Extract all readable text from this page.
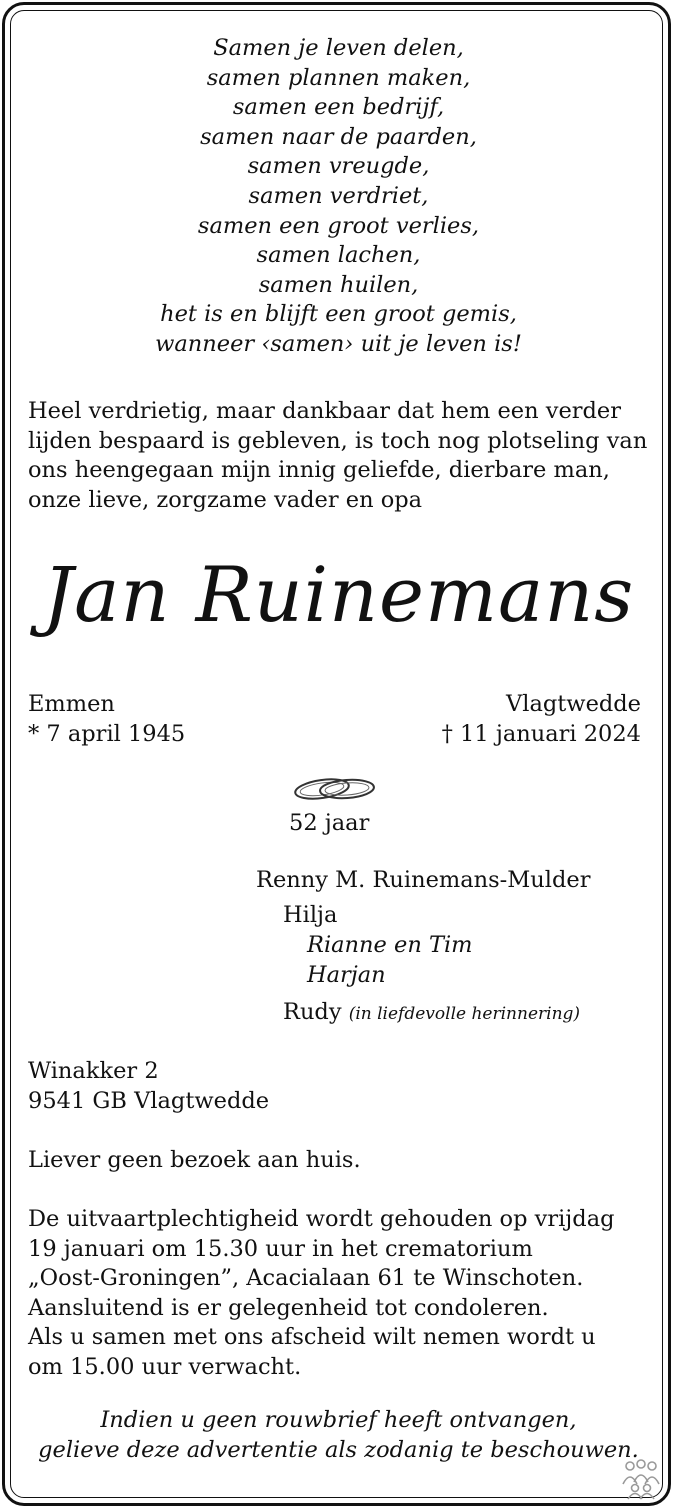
Samen je leven delen,
samen plannen maken,
samen een bedrijf,
samen naar de paarden,
samen vreugde,
samen verdriet,
samen een groot verlies,
samen lachen,
samen huilen,
het is en blijft een groot gemis,
wanneer ‹samen› uit je leven is!
Heel verdrietig, maar dankbaar dat hem een verder
lijden bespaard is gebleven, is toch nog plotseling van
ons heengegaan mijn innig geliefde, dierbare man,
onze lieve, zorgzame vader en opa
Jan Ruinemans
Emmen
* 7 april 1945
Vlagtwedde
† 11 januari 2024
52 jaar
Renny M. Ruinemans-Mulder
Hilja
Rianne en Tim
Harjan
Rudy (in liefdevolle herinnering)
Winakker 2
9541 GB Vlagtwedde
Liever geen bezoek aan huis.
De uitvaartplechtigheid wordt gehouden op vrijdag
19 januari om 15.30 uur in het crematorium
„Oost-Groningen”, Acacialaan 61 te Winschoten.
Aansluitend is er gelegenheid tot condoleren.
Als u samen met ons afscheid wilt nemen wordt u
om 15.00 uur verwacht.
Indien u geen rouwbrief heeft ontvangen,
gelieve deze advertentie als zodanig te beschouwen.
